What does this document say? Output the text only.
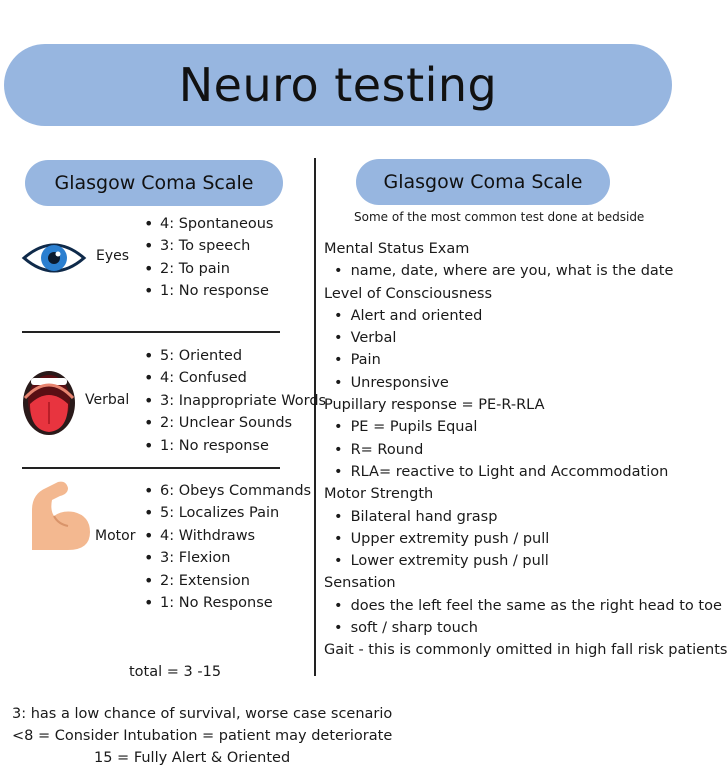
Neuro testing
Glasgow Coma Scale	Glasgow Coma Scale
Eyes
• 4: Spontaneous
• 3: To speech
• 2: To pain
• 1: No response
Verbal
• 5: Oriented
• 4: Confused
• 3: Inappropriate Words
• 2: Unclear Sounds
• 1: No response
Motor
• 6: Obeys Commands
• 5: Localizes Pain
• 4: Withdraws
• 3: Flexion
• 2: Extension
• 1: No Response
total = 3 -15
Some of the most common test done at bedside
Mental Status Exam
• name, date, where are you, what is the date
Level of Consciousness
• Alert and oriented
• Verbal
• Pain
• Unresponsive
Pupillary response = PE-R-RLA
• PE = Pupils Equal
• R= Round
• RLA= reactive to Light and Accommodation
Motor Strength
• Bilateral hand grasp
• Upper extremity push / pull
• Lower extremity push / pull
Sensation
• does the left feel the same as the right head to toe
• soft / sharp touch
Gait - this is commonly omitted in high fall risk patients
3: has a low chance of survival, worse case scenario
<8 = Consider Intubation = patient may deteriorate
15 = Fully Alert & Oriented
